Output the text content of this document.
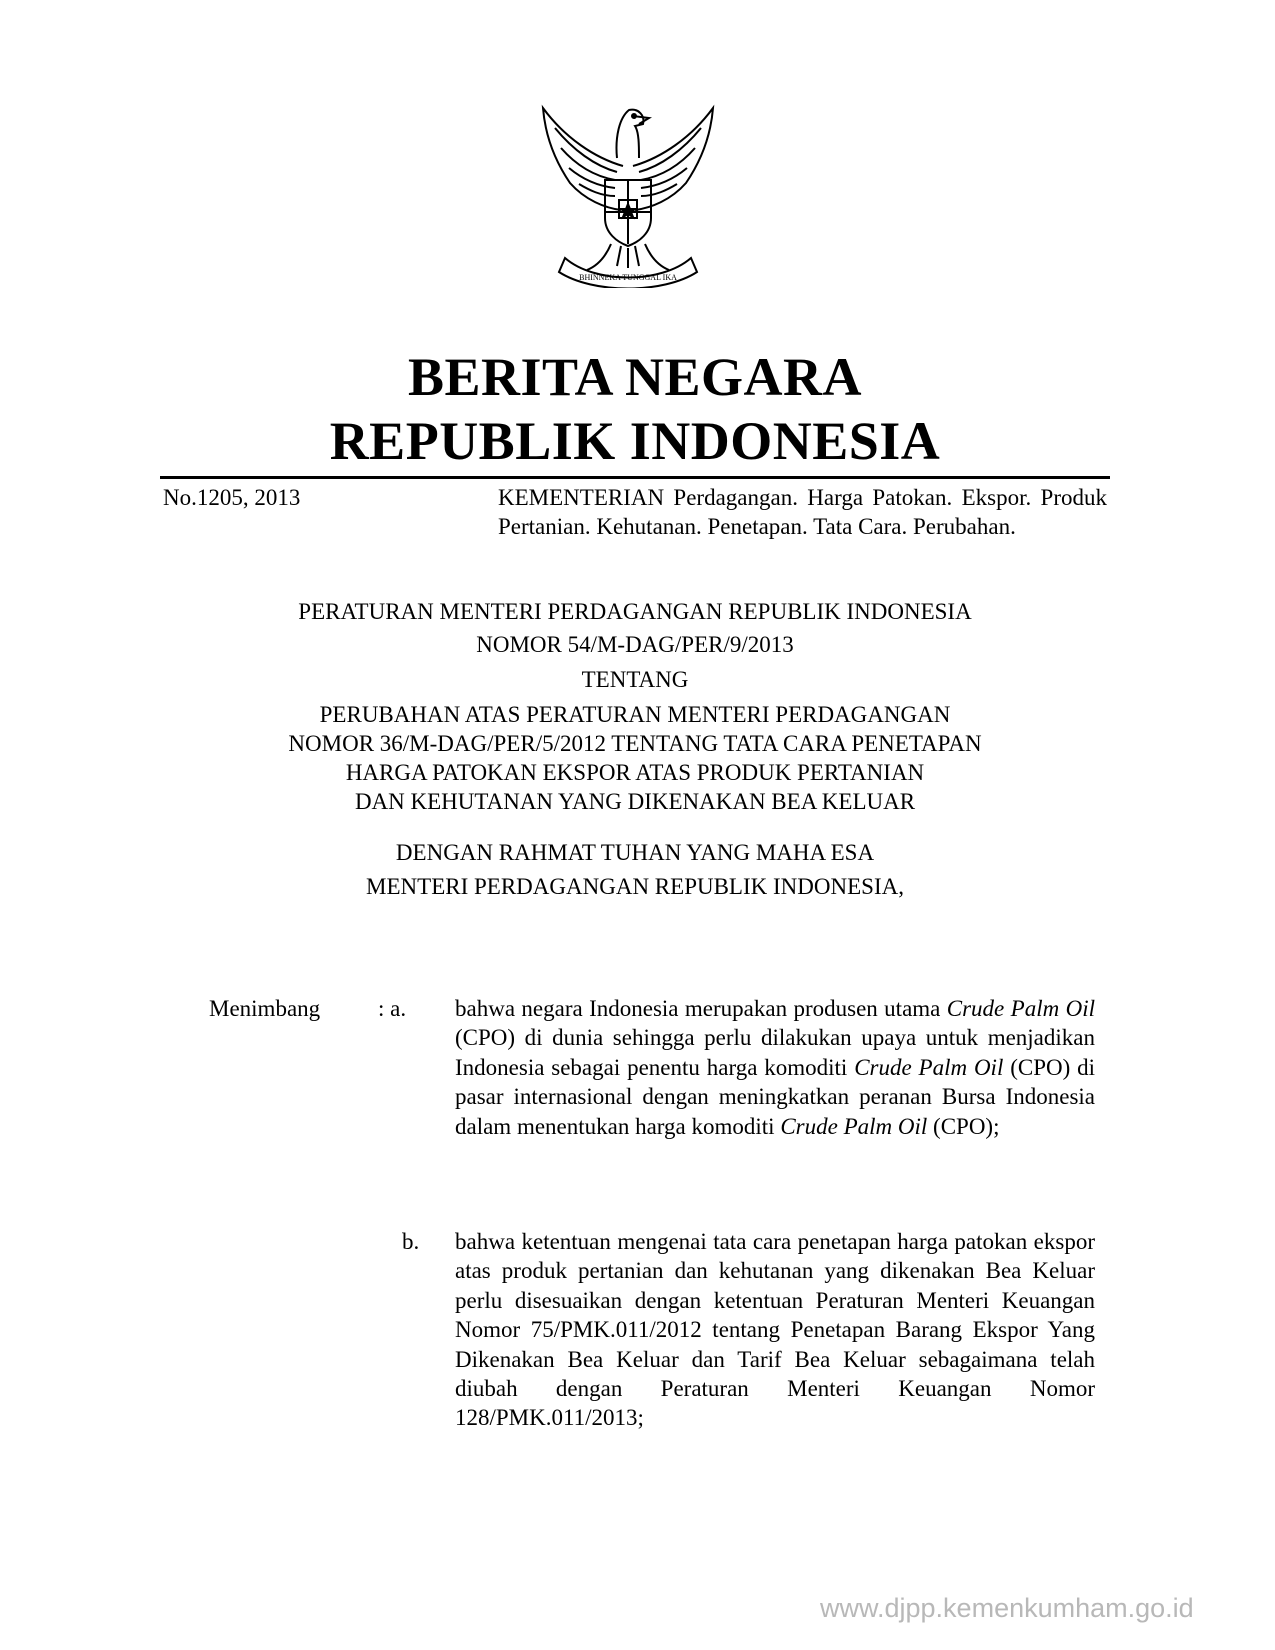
BHINNEKA TUNGGAL IKA
BERITA NEGARA
REPUBLIK INDONESIA
No.1205, 2013	KEMENTERIAN Perdagangan. Harga Patokan. Ekspor. Produk Pertanian. Kehutanan. Penetapan. Tata Cara. Perubahan.
PERATURAN MENTERI PERDAGANGAN REPUBLIK INDONESIA
NOMOR 54/M-DAG/PER/9/2013
TENTANG
PERUBAHAN ATAS PERATURAN MENTERI PERDAGANGAN
NOMOR 36/M-DAG/PER/5/2012 TENTANG TATA CARA PENETAPAN
HARGA PATOKAN EKSPOR ATAS PRODUK PERTANIAN
DAN KEHUTANAN YANG DIKENAKAN BEA KELUAR
DENGAN RAHMAT TUHAN YANG MAHA ESA
MENTERI PERDAGANGAN REPUBLIK INDONESIA,
Menimbang	: a. bahwa negara Indonesia merupakan produsen utama Crude Palm Oil (CPO) di dunia sehingga perlu dilakukan upaya untuk menjadikan Indonesia sebagai penentu harga komoditi Crude Palm Oil (CPO) di pasar internasional dengan meningkatkan peranan Bursa Indonesia dalam menentukan harga komoditi Crude Palm Oil (CPO);
b. bahwa ketentuan mengenai tata cara penetapan harga patokan ekspor atas produk pertanian dan kehutanan yang dikenakan Bea Keluar perlu disesuaikan dengan ketentuan Peraturan Menteri Keuangan Nomor 75/PMK.011/2012 tentang Penetapan Barang Ekspor Yang Dikenakan Bea Keluar dan Tarif Bea Keluar sebagaimana telah diubah dengan Peraturan Menteri Keuangan Nomor 128/PMK.011/2013;
www.djpp.kemenkumham.go.id
